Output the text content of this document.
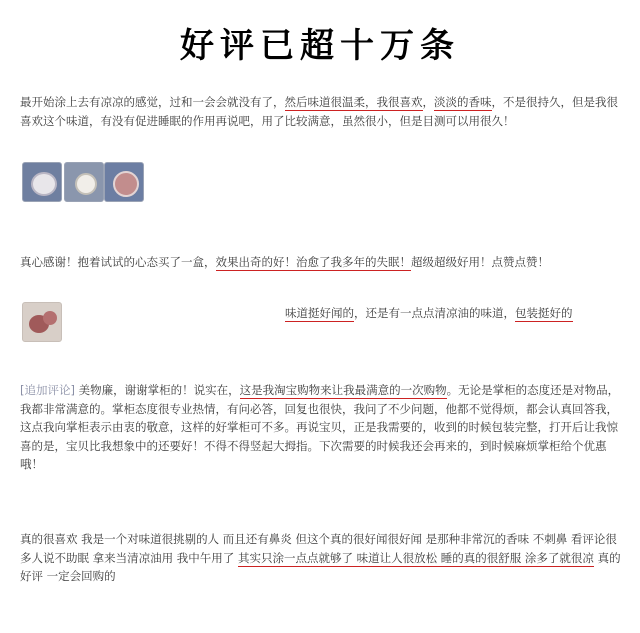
好评已超十万条
最开始涂上去有凉凉的感觉，过和一会会就没有了，然后味道很温柔，我很喜欢，淡淡的香味，不是很持久，但是我很喜欢这个味道，有没有促进睡眠的作用再说吧，用了比较满意，虽然很小，但是目测可以用很久！
真心感谢！抱着试试的心态买了一盒，效果出奇的好！治愈了我多年的失眠！超级超级好用！点赞点赞！
味道挺好闻的，还是有一点点清凉油的味道，包装挺好的
[追加评论] 美物廉，谢谢掌柜的！说实在，这是我淘宝购物来让我最满意的一次购物。无论是掌柜的态度还是对物品，我都非常满意的。掌柜态度很专业热情，有问必答，回复也很快，我问了不少问题，他都不觉得烦，都会认真回答我，这点我向掌柜表示由衷的敬意，这样的好掌柜可不多。再说宝贝，正是我需要的，收到的时候包装完整，打开后让我惊喜的是，宝贝比我想象中的还要好！不得不得竖起大拇指。下次需要的时候我还会再来的，到时候麻烦掌柜给个优惠哦！
真的很喜欢 我是一个对味道很挑剔的人 而且还有鼻炎 但这个真的很好闻很好闻 是那种非常沉的香味 不刺鼻 看评论很多人说不助眠 拿来当清凉油用 我中午用了 其实只涂一点点就够了 味道让人很放松 睡的真的很舒服 涂多了就很凉 真的好评 一定会回购的
